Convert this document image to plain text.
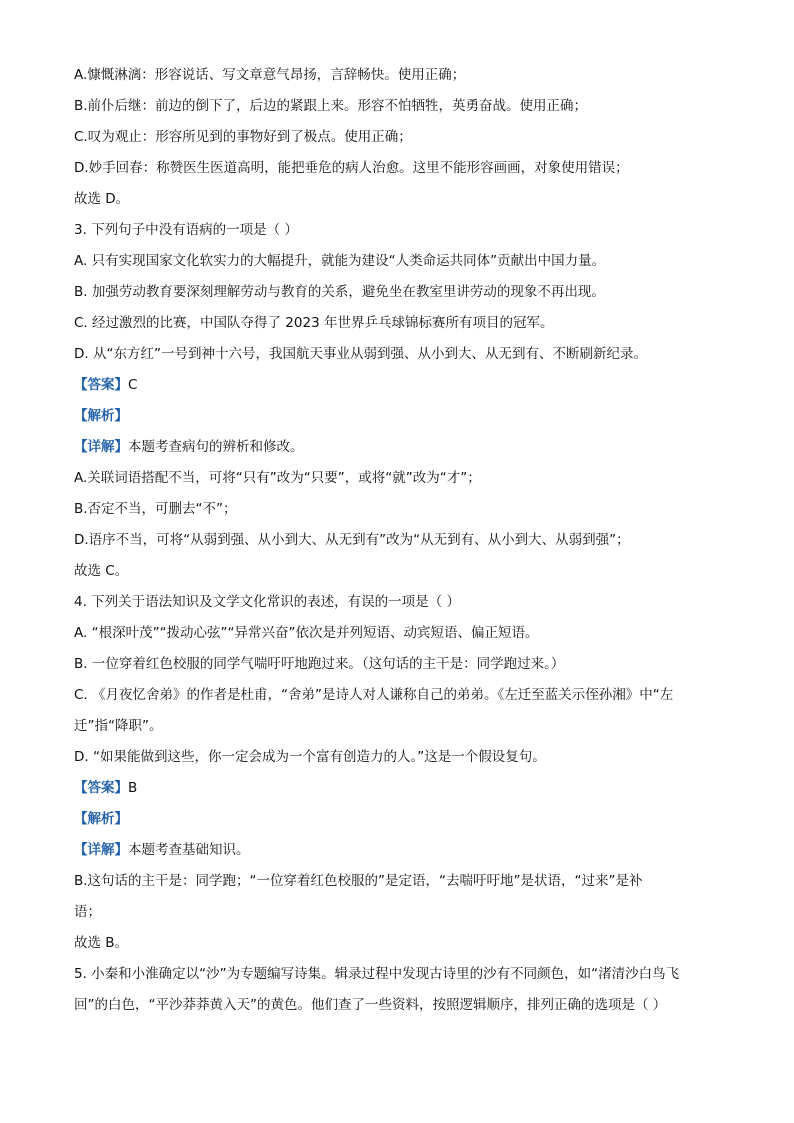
A.慷慨淋漓：形容说话、写文章意气昂扬，言辞畅快。使用正确；
B.前仆后继：前边的倒下了，后边的紧跟上来。形容不怕牺牲，英勇奋战。使用正确；
C.叹为观止：形容所见到的事物好到了极点。使用正确；
D.妙手回春：称赞医生医道高明，能把垂危的病人治愈。这里不能形容画画，对象使用错误；
故选 D。
3. 下列句子中没有语病的一项是（ ）
A. 只有实现国家文化软实力的大幅提升，就能为建设“人类命运共同体”贡献出中国力量。
B. 加强劳动教育要深刻理解劳动与教育的关系，避免坐在教室里讲劳动的现象不再出现。
C. 经过激烈的比赛，中国队夺得了 2023 年世界乒乓球锦标赛所有项目的冠军。
D. 从“东方红”一号到神十六号，我国航天事业从弱到强、从小到大、从无到有、不断刷新纪录。
【答案】C
【解析】
【详解】本题考查病句的辨析和修改。
A.关联词语搭配不当，可将“只有”改为“只要”，或将“就”改为“才”；
B.否定不当，可删去“不”；
D.语序不当，可将“从弱到强、从小到大、从无到有”改为“从无到有、从小到大、从弱到强”；
故选 C。
4. 下列关于语法知识及文学文化常识的表述，有误的一项是（ ）
A. “根深叶茂”“拨动心弦”“异常兴奋”依次是并列短语、动宾短语、偏正短语。
B. 一位穿着红色校服的同学气喘吁吁地跑过来。（这句话的主干是：同学跑过来。）
C. 《月夜忆舍弟》的作者是杜甫，“舍弟”是诗人对人谦称自己的弟弟。《左迁至蓝关示侄孙湘》中“左
迁”指“降职”。
D. “如果能做到这些，你一定会成为一个富有创造力的人。”这是一个假设复句。
【答案】B
【解析】
【详解】本题考查基础知识。
B.这句话的主干是：同学跑；“一位穿着红色校服的”是定语，“去喘吁吁地”是状语，“过来”是补
语；
故选 B。
5. 小秦和小淮确定以“沙”为专题编写诗集。辑录过程中发现古诗里的沙有不同颜色，如“渚清沙白鸟飞
回”的白色，“平沙莽莽黄入天”的黄色。他们查了一些资料，按照逻辑顺序，排列正确的选项是（ ）
